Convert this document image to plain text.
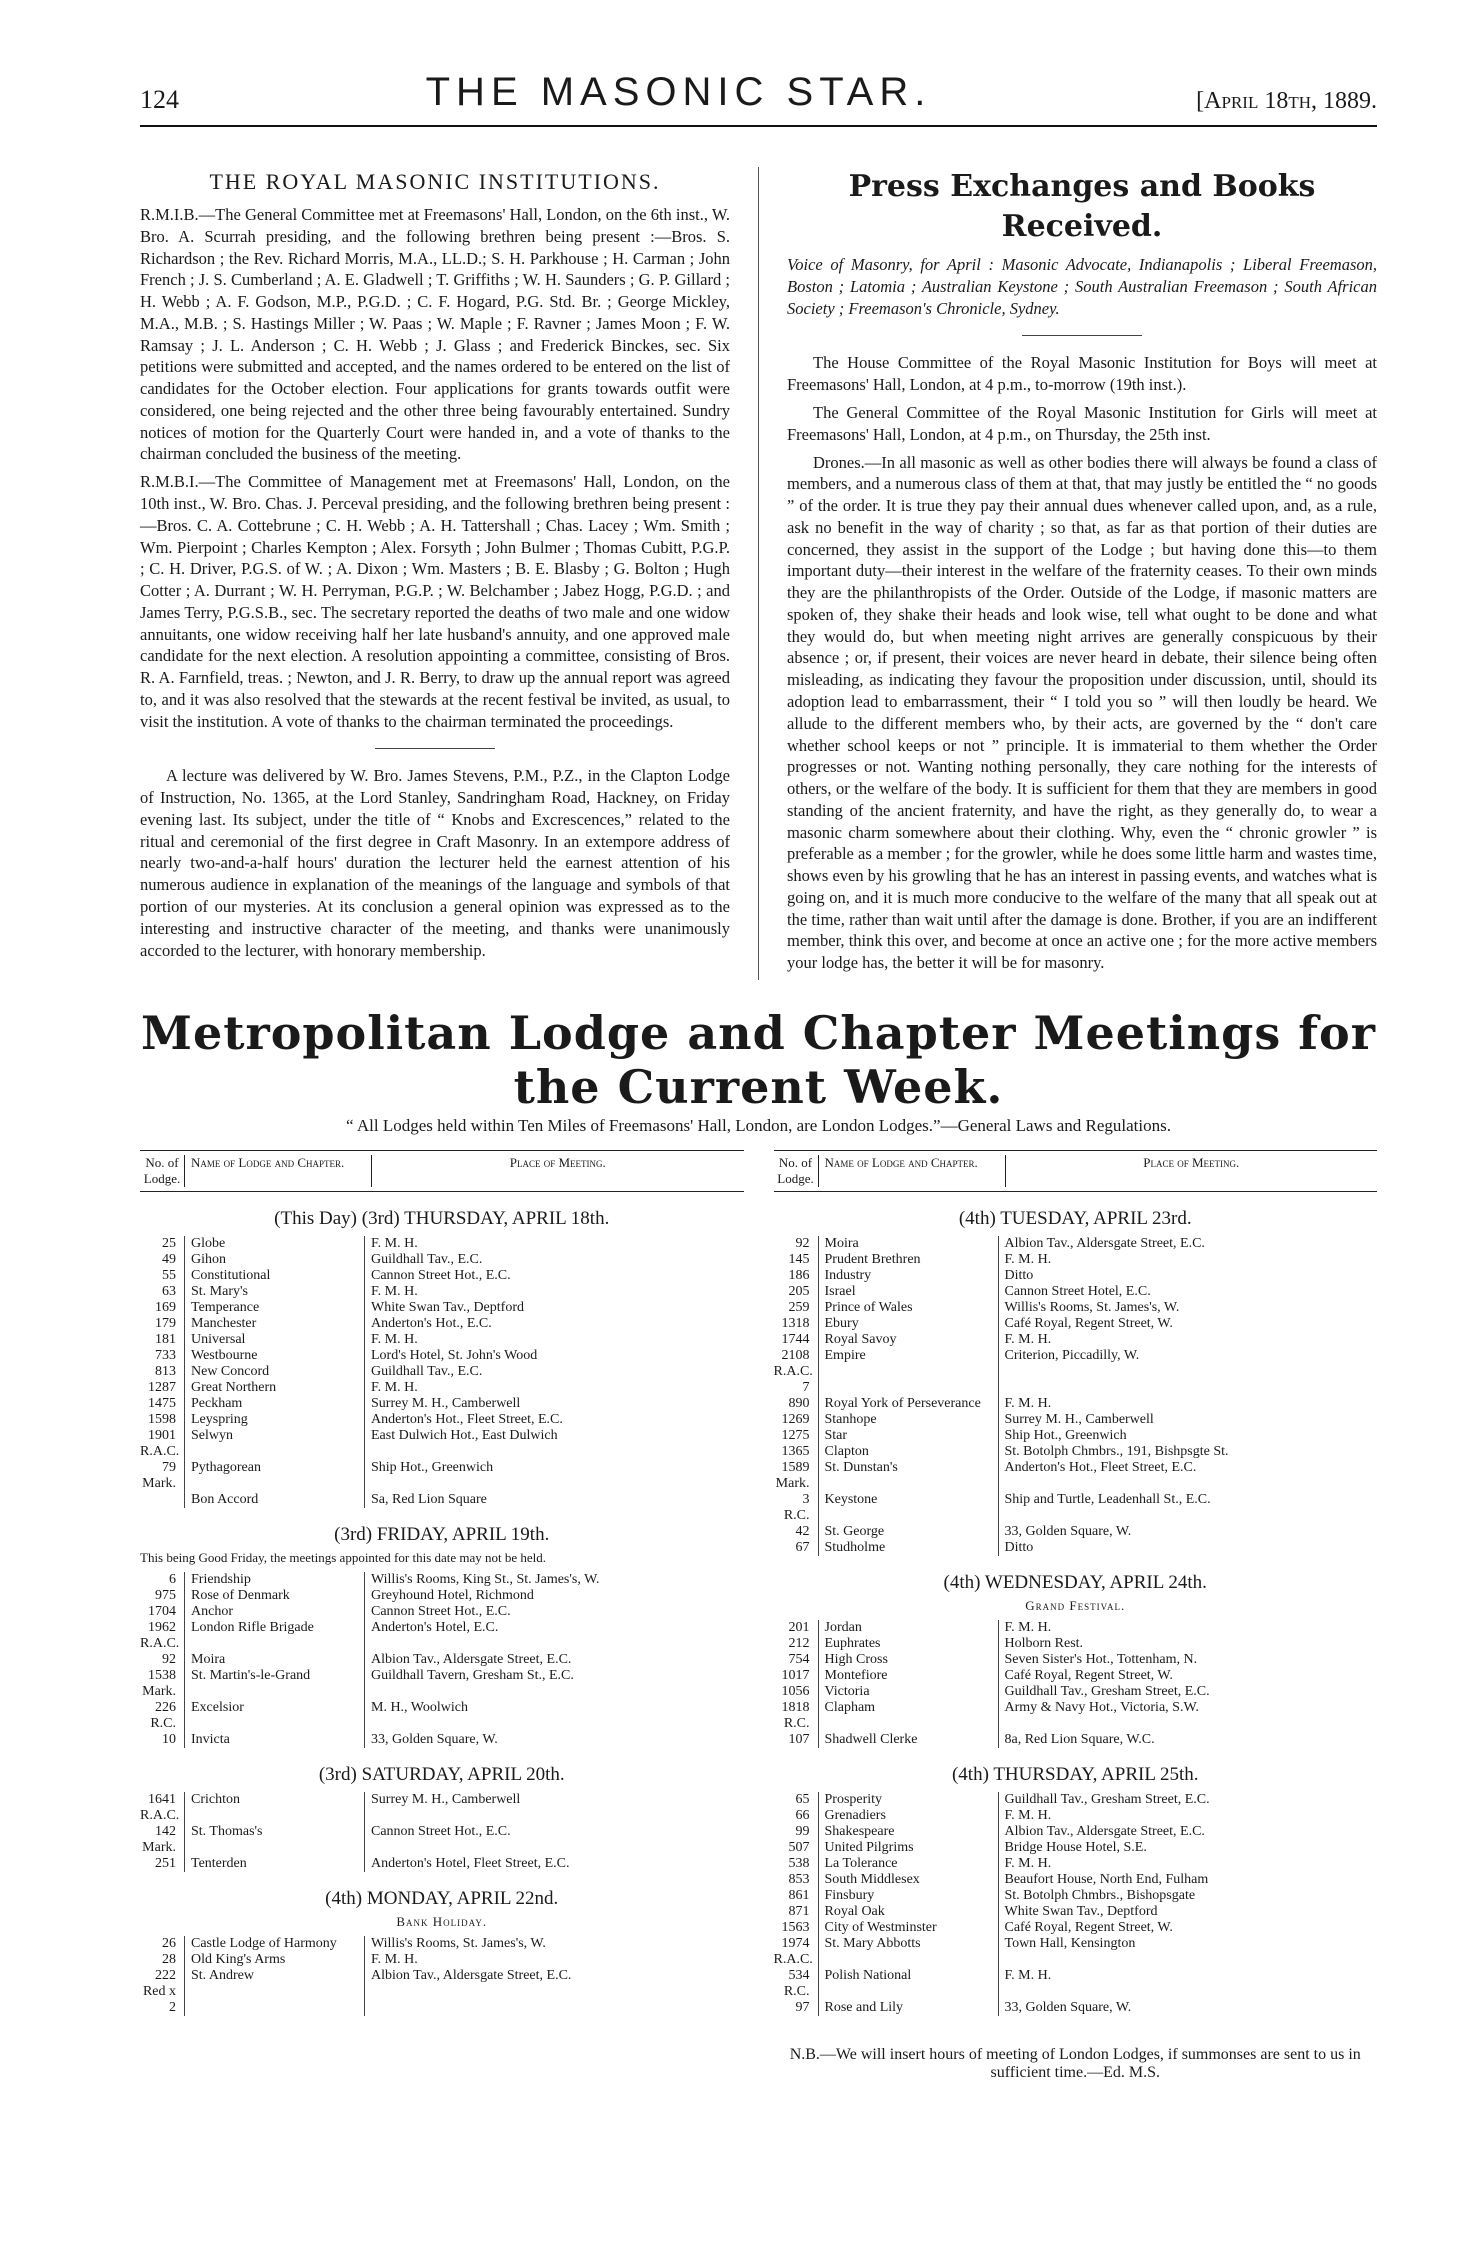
124	THE MASONIC STAR.	[April 18th, 1889.
THE ROYAL MASONIC INSTITUTIONS.

R.M.I.B.—The General Committee met at Freemasons' Hall, London, on the 6th inst., W. Bro. A. Scurrah presiding, and the following brethren being present :—Bros. S. Richardson ; the Rev. Richard Morris, M.A., LL.D.; S. H. Parkhouse ; H. Carman ; John French ; J. S. Cumberland ; A. E. Gladwell ; T. Griffiths ; W. H. Saunders ; G. P. Gillard ; H. Webb ; A. F. Godson, M.P., P.G.D. ; C. F. Hogard, P.G. Std. Br. ; George Mickley, M.A., M.B. ; S. Hastings Miller ; W. Paas ; W. Maple ; F. Ravner ; James Moon ; F. W. Ramsay ; J. L. Anderson ; C. H. Webb ; J. Glass ; and Frederick Binckes, sec. Six petitions were submitted and accepted, and the names ordered to be entered on the list of candidates for the October election. Four applications for grants towards outfit were considered, one being rejected and the other three being favourably entertained. Sundry notices of motion for the Quarterly Court were handed in, and a vote of thanks to the chairman concluded the business of the meeting.

R.M.B.I.—The Committee of Management met at Freemasons' Hall, London, on the 10th inst., W. Bro. Chas. J. Perceval presiding, and the following brethren being present :—Bros. C. A. Cottebrune ; C. H. Webb ; A. H. Tattershall ; Chas. Lacey ; Wm. Smith ; Wm. Pierpoint ; Charles Kempton ; Alex. Forsyth ; John Bulmer ; Thomas Cubitt, P.G.P. ; C. H. Driver, P.G.S. of W. ; A. Dixon ; Wm. Masters ; B. E. Blasby ; G. Bolton ; Hugh Cotter ; A. Durrant ; W. H. Perryman, P.G.P. ; W. Belchamber ; Jabez Hogg, P.G.D. ; and James Terry, P.G.S.B., sec. The secretary reported the deaths of two male and one widow annuitants, one widow receiving half her late husband's annuity, and one approved male candidate for the next election. A resolution appointing a committee, consisting of Bros. R. A. Farnfield, treas. ; Newton, and J. R. Berry, to draw up the annual report was agreed to, and it was also resolved that the stewards at the recent festival be invited, as usual, to visit the institution. A vote of thanks to the chairman terminated the proceedings.

A lecture was delivered by W. Bro. James Stevens, P.M., P.Z., in the Clapton Lodge of Instruction, No. 1365, at the Lord Stanley, Sandringham Road, Hackney, on Friday evening last. Its subject, under the title of “ Knobs and Excrescences,” related to the ritual and ceremonial of the first degree in Craft Masonry. In an extempore address of nearly two-and-a-half hours' duration the lecturer held the earnest attention of his numerous audience in explanation of the meanings of the language and symbols of that portion of our mysteries. At its conclusion a general opinion was expressed as to the interesting and instructive character of the meeting, and thanks were unanimously accorded to the lecturer, with honorary membership.

Press Exchanges and Books Received.

Voice of Masonry, for April : Masonic Advocate, Indianapolis ; Liberal Freemason, Boston ; Latomia ; Australian Keystone ; South Australian Freemason ; South African Society ; Freemason's Chronicle, Sydney.

The House Committee of the Royal Masonic Institution for Boys will meet at Freemasons' Hall, London, at 4 p.m., to-morrow (19th inst.).

The General Committee of the Royal Masonic Institution for Girls will meet at Freemasons' Hall, London, at 4 p.m., on Thursday, the 25th inst.

Drones.—In all masonic as well as other bodies there will always be found a class of members, and a numerous class of them at that, that may justly be entitled the “ no goods ” of the order. It is true they pay their annual dues whenever called upon, and, as a rule, ask no benefit in the way of charity ; so that, as far as that portion of their duties are concerned, they assist in the support of the Lodge ; but having done this—to them important duty—their interest in the welfare of the fraternity ceases. To their own minds they are the philanthropists of the Order. Outside of the Lodge, if masonic matters are spoken of, they shake their heads and look wise, tell what ought to be done and what they would do, but when meeting night arrives are generally conspicuous by their absence ; or, if present, their voices are never heard in debate, their silence being often misleading, as indicating they favour the proposition under discussion, until, should its adoption lead to embarrassment, their “ I told you so ” will then loudly be heard. We allude to the different members who, by their acts, are governed by the “ don't care whether school keeps or not ” principle. It is immaterial to them whether the Order progresses or not. Wanting nothing personally, they care nothing for the interests of others, or the welfare of the body. It is sufficient for them that they are members in good standing of the ancient fraternity, and have the right, as they generally do, to wear a masonic charm somewhere about their clothing. Why, even the “ chronic growler ” is preferable as a member ; for the growler, while he does some little harm and wastes time, shows even by his growling that he has an interest in passing events, and watches what is going on, and it is much more conducive to the welfare of the many that all speak out at the time, rather than wait until after the damage is done. Brother, if you are an indifferent member, think this over, and become at once an active one ; for the more active members your lodge has, the better it will be for masonry.

Metropolitan Lodge and Chapter Meetings for the Current Week.
“ All Lodges held within Ten Miles of Freemasons' Hall, London, are London Lodges.”—General Laws and Regulations.
No. of Lodge.
Name of Lodge and Chapter.	Place of Meeting.
(This Day) (3rd) THURSDAY, APRIL 18th.
25	Globe	F. M. H.
49	Gihon	Guildhall Tav., E.C.
55	Constitutional	Cannon Street Hot., E.C.
63	St. Mary's	F. M. H.
169	Temperance	White Swan Tav., Deptford
179	Manchester	Anderton's Hot., E.C.
181	Universal	F. M. H.
733	Westbourne	Lord's Hotel, St. John's Wood
813	New Concord	Guildhall Tav., E.C.
1287	Great Northern	F. M. H.
1475	Peckham	Surrey M. H., Camberwell
1598	Leyspring	Anderton's Hot., Fleet Street, E.C.
1901	Selwyn	East Dulwich Hot., East Dulwich
R.A.C.
79	Pythagorean	Ship Hot., Greenwich
Mark.
Bon Accord	Sa, Red Lion Square
(3rd) FRIDAY, APRIL 19th.
This being Good Friday, the meetings appointed for this date may not be held.
6	Friendship	Willis's Rooms, King St., St. James's, W.
975	Rose of Denmark	Greyhound Hotel, Richmond
1704	Anchor	Cannon Street Hot., E.C.
1962	London Rifle Brigade	Anderton's Hotel, E.C.
R.A.C.
92	Moira	Albion Tav., Aldersgate Street, E.C.
1538	St. Martin's-le-Grand	Guildhall Tavern, Gresham St., E.C.
Mark.
226	Excelsior	M. H., Woolwich
R.C.
10	Invicta	33, Golden Square, W.
(3rd) SATURDAY, APRIL 20th.
1641	Crichton	Surrey M. H., Camberwell
R.A.C.
142	St. Thomas's	Cannon Street Hot., E.C.
Mark.
251	Tenterden	Anderton's Hotel, Fleet Street, E.C.
(4th) MONDAY, APRIL 22nd.
Bank Holiday.
26	Castle Lodge of Harmony	Willis's Rooms, St. James's, W.
28	Old King's Arms	F. M. H.
222	St. Andrew	Albion Tav., Aldersgate Street, E.C.
Red x
2
No. of Lodge.
Name of Lodge and Chapter.	Place of Meeting.
(4th) TUESDAY, APRIL 23rd.
92	Moira	Albion Tav., Aldersgate Street, E.C.
145	Prudent Brethren	F. M. H.
186	Industry	Ditto
205	Israel	Cannon Street Hotel, E.C.
259	Prince of Wales	Willis's Rooms, St. James's, W.
1318	Ebury	Café Royal, Regent Street, W.
1744	Royal Savoy	F. M. H.
2108	Empire	Criterion, Piccadilly, W.
R.A.C.
7
890	Royal York of Perseverance	F. M. H.
1269	Stanhope	Surrey M. H., Camberwell
1275	Star	Ship Hot., Greenwich
1365	Clapton	St. Botolph Chmbrs., 191, Bishpsgte St.
1589	St. Dunstan's	Anderton's Hot., Fleet Street, E.C.
Mark.
3	Keystone	Ship and Turtle, Leadenhall St., E.C.
R.C.
42	St. George	33, Golden Square, W.
67	Studholme	Ditto
(4th) WEDNESDAY, APRIL 24th.
Grand Festival.
201	Jordan	F. M. H.
212	Euphrates	Holborn Rest.
754	High Cross	Seven Sister's Hot., Tottenham, N.
1017	Montefiore	Café Royal, Regent Street, W.
1056	Victoria	Guildhall Tav., Gresham Street, E.C.
1818	Clapham	Army & Navy Hot., Victoria, S.W.
R.C.
107	Shadwell Clerke	8a, Red Lion Square, W.C.
(4th) THURSDAY, APRIL 25th.
65	Prosperity	Guildhall Tav., Gresham Street, E.C.
66	Grenadiers	F. M. H.
99	Shakespeare	Albion Tav., Aldersgate Street, E.C.
507	United Pilgrims	Bridge House Hotel, S.E.
538	La Tolerance	F. M. H.
853	South Middlesex	Beaufort House, North End, Fulham
861	Finsbury	St. Botolph Chmbrs., Bishopsgate
871	Royal Oak	White Swan Tav., Deptford
1563	City of Westminster	Café Royal, Regent Street, W.
1974	St. Mary Abbotts	Town Hall, Kensington
R.A.C.
534	Polish National	F. M. H.
R.C.
97	Rose and Lily	33, Golden Square, W.
N.B.—We will insert hours of meeting of London Lodges, if summonses are sent to us in sufficient time.—Ed. M.S.
